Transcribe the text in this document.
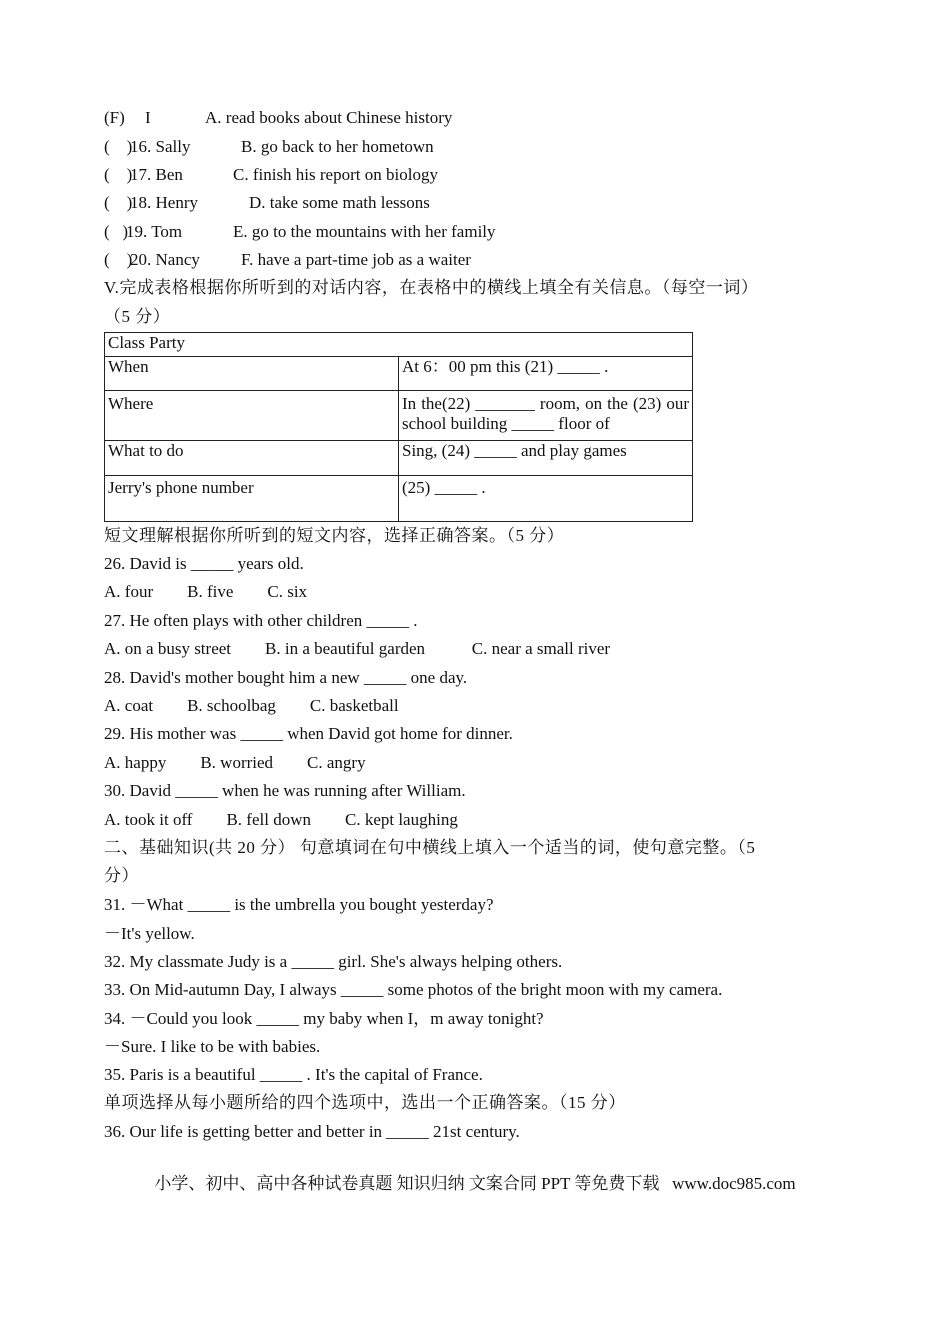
(F) I	A. read books about Chinese history
(    )
16. Sally	B. go back to her hometown
(    )
17. Ben	C. finish his report on biology
(    )
18. Henry	D. take some math lessons
(   )
19. Tom	E. go to the mountains with her family
(    )
20. Nancy F. have a part-time job as a waiter
V.完成表格根据你所听到的对话内容，在表格中的横线上填全有关信息。（每空一词）
（5 分）
Class Party	
When	At 6：00 pm this (21) _____ .
Where	In the(22) _______ room, on the (23) our school building _____ floor of
What to do	Sing, (24) _____ and play games
Jerry's phone number	(25) _____ .
短文理解根据你所听到的短文内容，选择正确答案。（5 分）
26. David is _____ years old.
A. four        B. five        C. six
27. He often plays with other children _____ .
A. on a busy street        B. in a beautiful garden           C. near a small river
28. David's mother bought him a new _____ one day.
A. coat        B. schoolbag        C. basketball
29. His mother was _____ when David got home for dinner.
A. happy        B. worried        C. angry
30. David _____ when he was running after William.
A. took it off        B. fell down        C. kept laughing
二、基础知识(共 20 分） 句意填词在句中横线上填入一个适当的词，使句意完整。（5
分）
31. －What _____ is the umbrella you bought yesterday?
－It's yellow.
32. My classmate Judy is a _____ girl. She's always helping others.
33. On Mid-autumn Day, I always _____ some photos of the bright moon with my camera.
34. －Could you look _____ my baby when I，m away tonight?
－Sure. I like to be with babies.
35. Paris is a beautiful _____ . It's the capital of France.
单项选择从每小题所给的四个选项中，选出一个正确答案。（15 分）
36. Our life is getting better and better in _____ 21st century.
小学、初中、高中各种试卷真题 知识归纳 文案合同 PPT 等免费下载   www.doc985.com
